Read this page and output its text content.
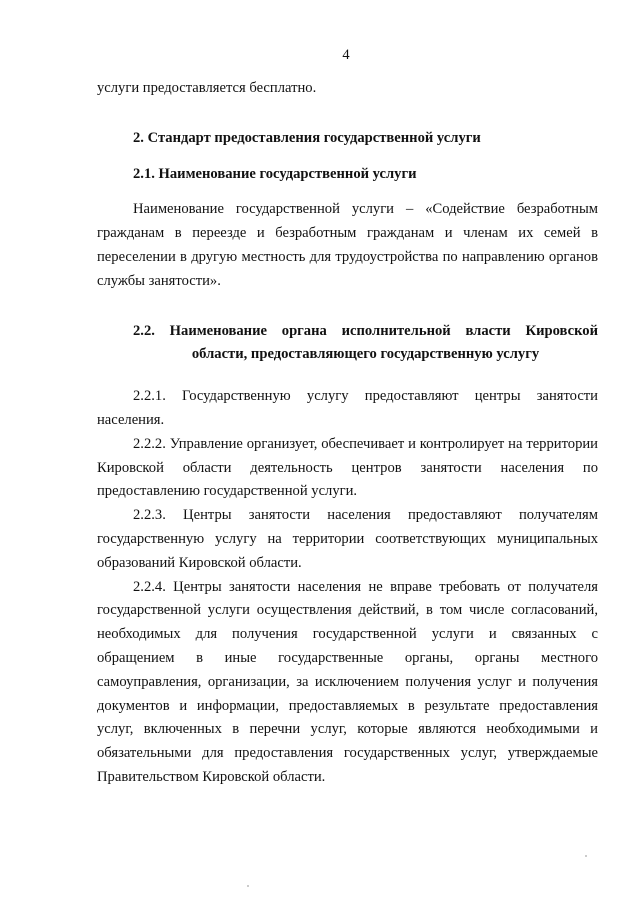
4

услуги предоставляется бесплатно.

2. Стандарт предоставления государственной услуги

2.1. Наименование государственной услуги

Наименование государственной услуги – «Содействие безработным гражданам в переезде и безработным гражданам и членам их семей в переселении в другую местность для трудоустройства по направлению органов службы занятости».

2.2. Наименование органа исполнительной власти Кировской области, предоставляющего государственную услугу

2.2.1. Государственную услугу предоставляют центры занятости населения.

2.2.2. Управление организует, обеспечивает и контролирует на территории Кировской области деятельность центров занятости населения по предоставлению государственной услуги.

2.2.3. Центры занятости населения предоставляют получателям государственную услугу на территории соответствующих муниципальных образований Кировской области.

2.2.4. Центры занятости населения не вправе требовать от получателя государственной услуги осуществления действий, в том числе согласований, необходимых для получения государственной услуги и связанных с обращением в иные государственные органы, органы местного самоуправления, организации, за исключением получения услуг и получения документов и информации, предоставляемых в результате предоставления услуг, включенных в перечни услуг, которые являются необходимыми и обязательными для предоставления государственных услуг, утверждаемые Правительством Кировской области.
